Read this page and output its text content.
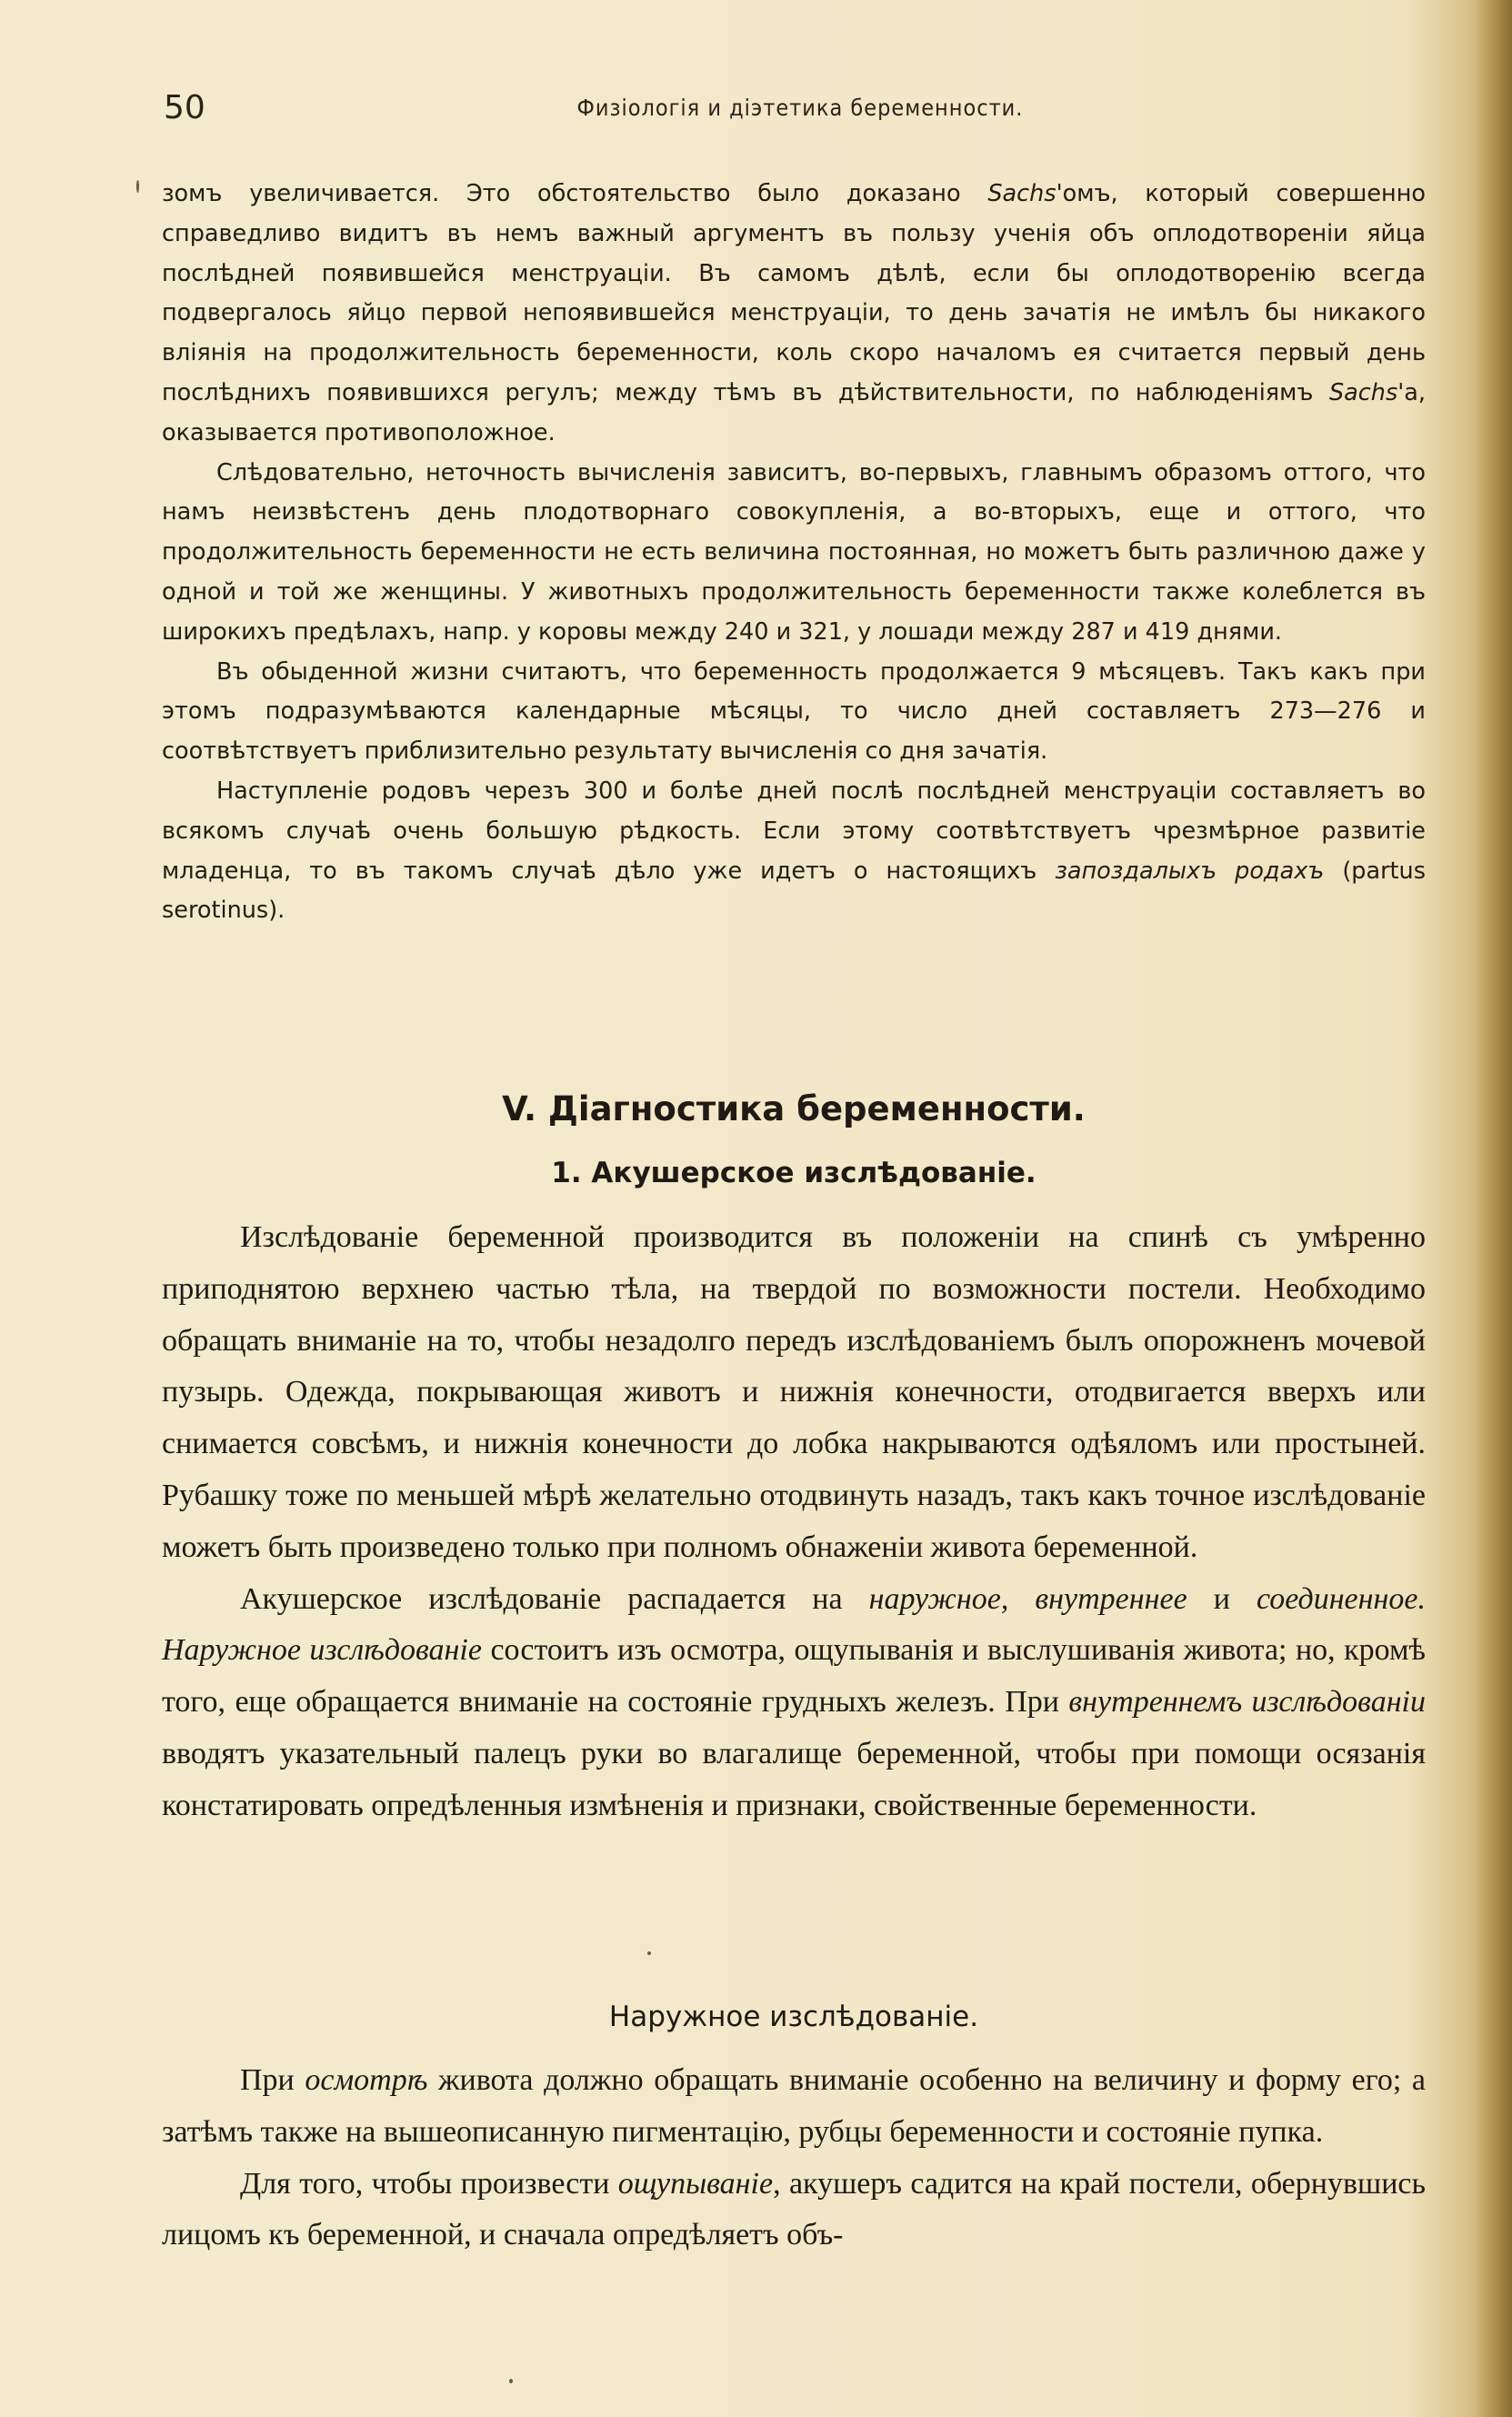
50	Физiологiя и дiэтетика беременности.

зомъ увеличивается. Это обстоятельство было доказано Sachs'омъ, который совершенно справедливо видитъ въ немъ важный аргументъ въ пользу ученiя объ оплодотворенiи яйца послѣдней появившейся менструацiи. Въ самомъ дѣлѣ, если бы оплодотворенiю всегда подвергалось яйцо первой непоявившейся менструацiи, то день зачатiя не имѣлъ бы никакого влiянiя на продолжительность беременности, коль скоро началомъ ея считается первый день послѣднихъ появившихся регулъ; между тѣмъ въ дѣйствительности, по наблюденiямъ Sachs'а, оказывается противоположное.

Слѣдовательно, неточность вычисленiя зависитъ, во-первыхъ, главнымъ образомъ оттого, что намъ неизвѣстенъ день плодотворнаго совокупленiя, а во-вторыхъ, еще и оттого, что продолжительность беременности не есть величина постоянная, но можетъ быть различною даже у одной и той же женщины. У животныхъ продолжительность беременности также колеблется въ широкихъ предѣлахъ, напр. у коровы между 240 и 321, у лошади между 287 и 419 днями.

Въ обыденной жизни считаютъ, что беременность продолжается 9 мѣсяцевъ. Такъ какъ при этомъ подразумѣваются календарные мѣсяцы, то число дней составляетъ 273—276 и соотвѣтствуетъ приблизительно результату вычисленiя со дня зачатiя.

Наступленiе родовъ черезъ 300 и болѣе дней послѣ послѣдней менструацiи составляетъ во всякомъ случаѣ очень большую рѣдкость. Если этому соотвѣтствуетъ чрезмѣрное развитiе младенца, то въ такомъ случаѣ дѣло уже идетъ о настоящихъ запоздалыхъ родахъ (partus serotinus).

V. Дiагностика беременности.
1. Акушерское изслѣдованiе.

Изслѣдованiе беременной производится въ положенiи на спинѣ съ умѣренно приподнятою верхнею частью тѣла, на твердой по возможности постели. Необходимо обращать вниманiе на то, чтобы незадолго передъ изслѣдованiемъ былъ опорожненъ мочевой пузырь. Одежда, покрывающая животъ и нижнiя конечности, отодвигается вверхъ или снимается совсѣмъ, и нижнiя конечности до лобка накрываются одѣяломъ или простыней. Рубашку тоже по меньшей мѣрѣ желательно отодвинуть назадъ, такъ какъ точное изслѣдованiе можетъ быть произведено только при полномъ обнаженiи живота беременной.

Акушерское изслѣдованiе распадается на наружное, внутреннее и соединенное. Наружное изслѣдованiе состоитъ изъ осмотра, ощупыванiя и выслушиванiя живота; но, кромѣ того, еще обращается вниманiе на состоянiе грудныхъ железъ. При внутреннемъ изслѣдованiи вводятъ указательный палецъ руки во влагалище беременной, чтобы при помощи осязанiя констатировать опредѣленныя измѣненiя и признаки, свойственные беременности.

Наружное изслѣдованiе.

При осмотрѣ живота должно обращать вниманiе особенно на величину и форму его; а затѣмъ также на вышеописанную пигментацiю, рубцы беременности и состоянiе пупка.

Для того, чтобы произвести ощупыванiе, акушеръ садится на край постели, обернувшись лицомъ къ беременной, и сначала опредѣляетъ объ-
